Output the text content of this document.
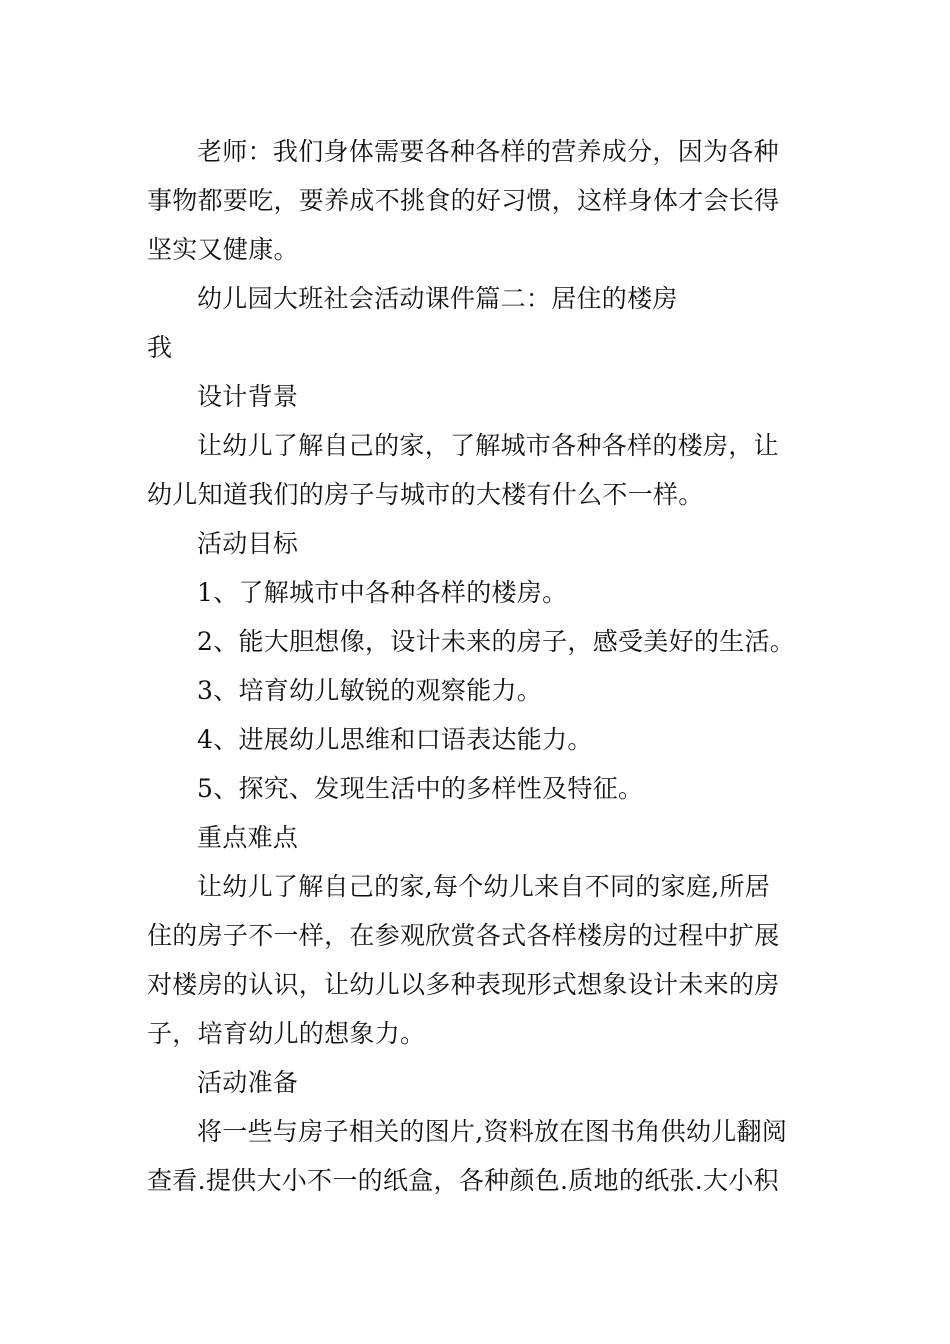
老师：我们身体需要各种各样的营养成分，因为各种

事物都要吃，要养成不挑食的好习惯，这样身体才会长得

坚实又健康。

幼儿园大班社会活动课件篇二：居住的楼房

我

设计背景

让幼儿了解自己的家，了解城市各种各样的楼房，让

幼儿知道我们的房子与城市的大楼有什么不一样。

活动目标

1、了解城市中各种各样的楼房。

2、能大胆想像，设计未来的房子，感受美好的生活。

3、培育幼儿敏锐的观察能力。

4、进展幼儿思维和口语表达能力。

5、探究、发现生活中的多样性及特征。

重点难点

让幼儿了解自己的家,每个幼儿来自不同的家庭,所居

住的房子不一样，在参观欣赏各式各样楼房的过程中扩展

对楼房的认识，让幼儿以多种表现形式想象设计未来的房

子，培育幼儿的想象力。

活动准备

将一些与房子相关的图片,资料放在图书角供幼儿翻阅

查看.提供大小不一的纸盒，各种颜色.质地的纸张.大小积
